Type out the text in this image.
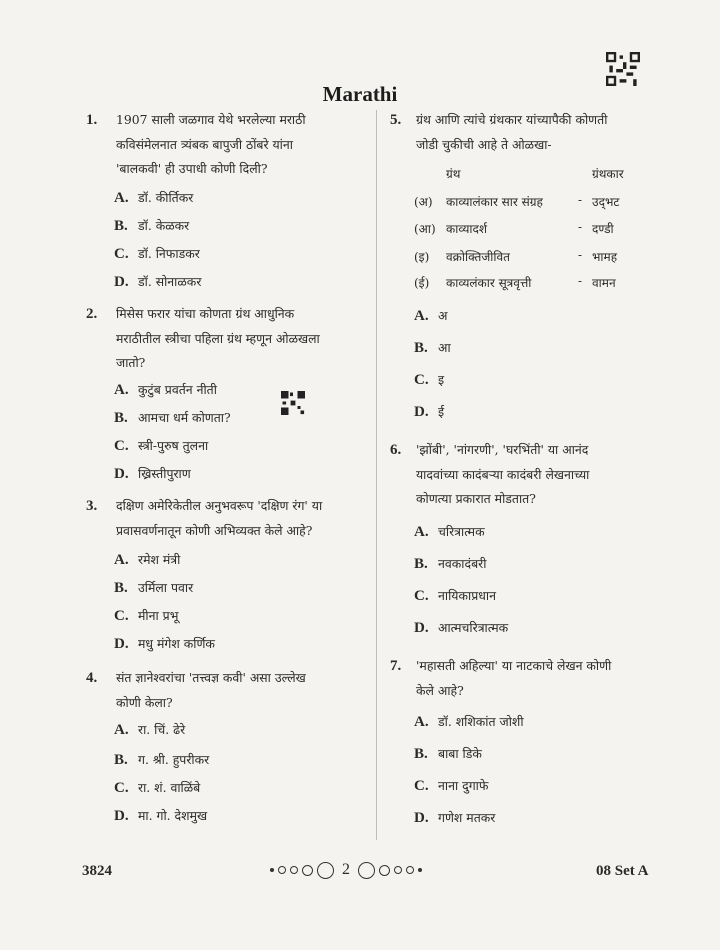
Marathi
1. 1907 साली जळगाव येथे भरलेल्या मराठी
कविसंमेलनात त्र्यंबक बापुजी ठोंबरे यांना
'बालकवी' ही उपाधी कोणी दिली?
A. डॉ. कीर्तिकर
B. डॉ. केळकर
C. डॉ. निफाडकर
D. डॉ. सोनाळकर
2. मिसेस फरार यांचा कोणता ग्रंथ आधुनिक
मराठीतील स्त्रीचा पहिला ग्रंथ म्हणून ओळखला
जातो?
A. कुटुंब प्रवर्तन नीती
B. आमचा धर्म कोणता?
C. स्त्री-पुरुष तुलना
D. ख्रिस्तीपुराण
3. दक्षिण अमेरिकेतील अनुभवरूप 'दक्षिण रंग' या
प्रवासवर्णनातून कोणी अभिव्यक्त केले आहे?
A. रमेश मंत्री
B. उर्मिला पवार
C. मीना प्रभू
D. मधु मंगेश कर्णिक
4. संत ज्ञानेश्वरांचा 'तत्त्वज्ञ कवी' असा उल्लेख
कोणी केला?
A. रा. चिं. ढेरे
B. ग. श्री. हुपरीकर
C. रा. शं. वाळिंबे
D. मा. गो. देशमुख
5. ग्रंथ आणि त्यांचे ग्रंथकार यांच्यापैकी कोणती
जोडी चुकीची आहे ते ओळखा-
ग्रंथ	ग्रंथकार
(अ) काव्यालंकार सार संग्रह	- उद्‌भट
(आ) काव्यादर्श	- दण्डी
(इ) वक्रोक्तिजीवित	- भामह
(ई) काव्यलंकार सूत्रवृत्ती	- वामन
A. अ
B. आ
C. इ
D. ई
6. 'झोंबी', 'नांगरणी', 'घरभिंती' या आनंद
यादवांच्या कादंबऱ्या कादंबरी लेखनाच्या
कोणत्या प्रकारात मोडतात?
A. चरित्रात्मक
B. नवकादंबरी
C. नायिकाप्रधान
D. आत्मचरित्रात्मक
7. 'महासती अहिल्या' या नाटकाचे लेखन कोणी
केले आहे?
A. डॉ. शशिकांत जोशी
B. बाबा डिके
C. नाना दुगाफे
D. गणेश मतकर
3824	2	08 Set A
